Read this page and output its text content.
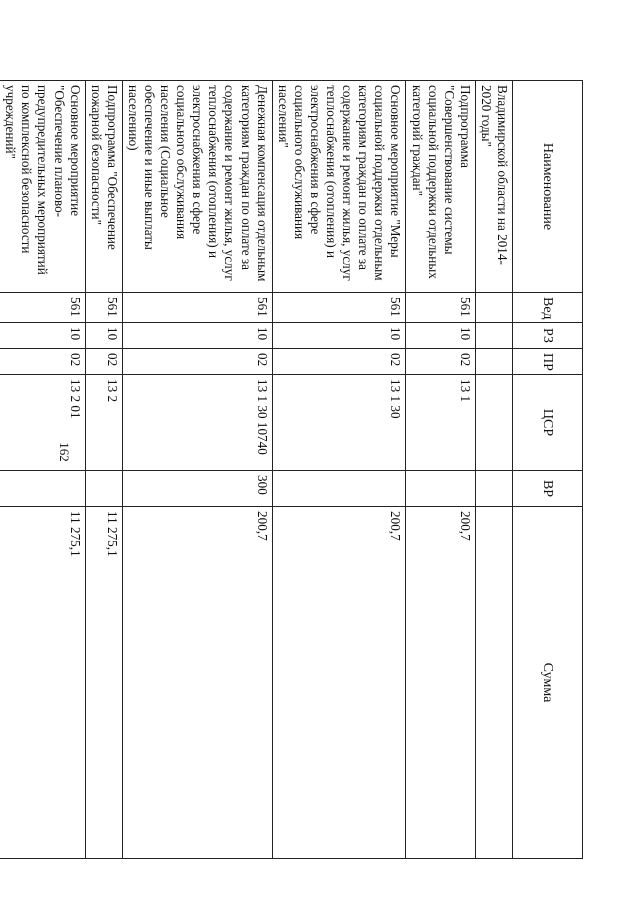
162
Наименование	Вед	РЗ	ПР	ЦСР	ВР	Сумма
Владимирской области на 2014-2020 годы"						
Подпрограмма "Совершенствование системы социальной поддержки отдельных категорий граждан"	561	10	02	13 1		200,7
Основное мероприятие "Меры социальной поддержки отдельным категориям граждан по оплате за содержание и ремонт жилья, услуг теплоснабжения (отопления) и электроснабжения в сфере социального обслуживания населения"	561	10	02	13 1 30		200,7
Денежная компенсация отдельным категориям граждан по оплате за содержание и ремонт жилья, услуг теплоснабжения (отопления) и электроснабжения в сфере социального обслуживания населения (Социальное обеспечение и иные выплаты населению)	561	10	02	13 1 30 10740	300	200,7
Подпрограмма "Обеспечение пожарной безопасности"	561	10	02	13 2		11 275,1
Основное мероприятие "Обеспечение планово-предупредительных мероприятий по комплексной безопасности учреждений"	561	10	02	13 2 01		11 275,1
